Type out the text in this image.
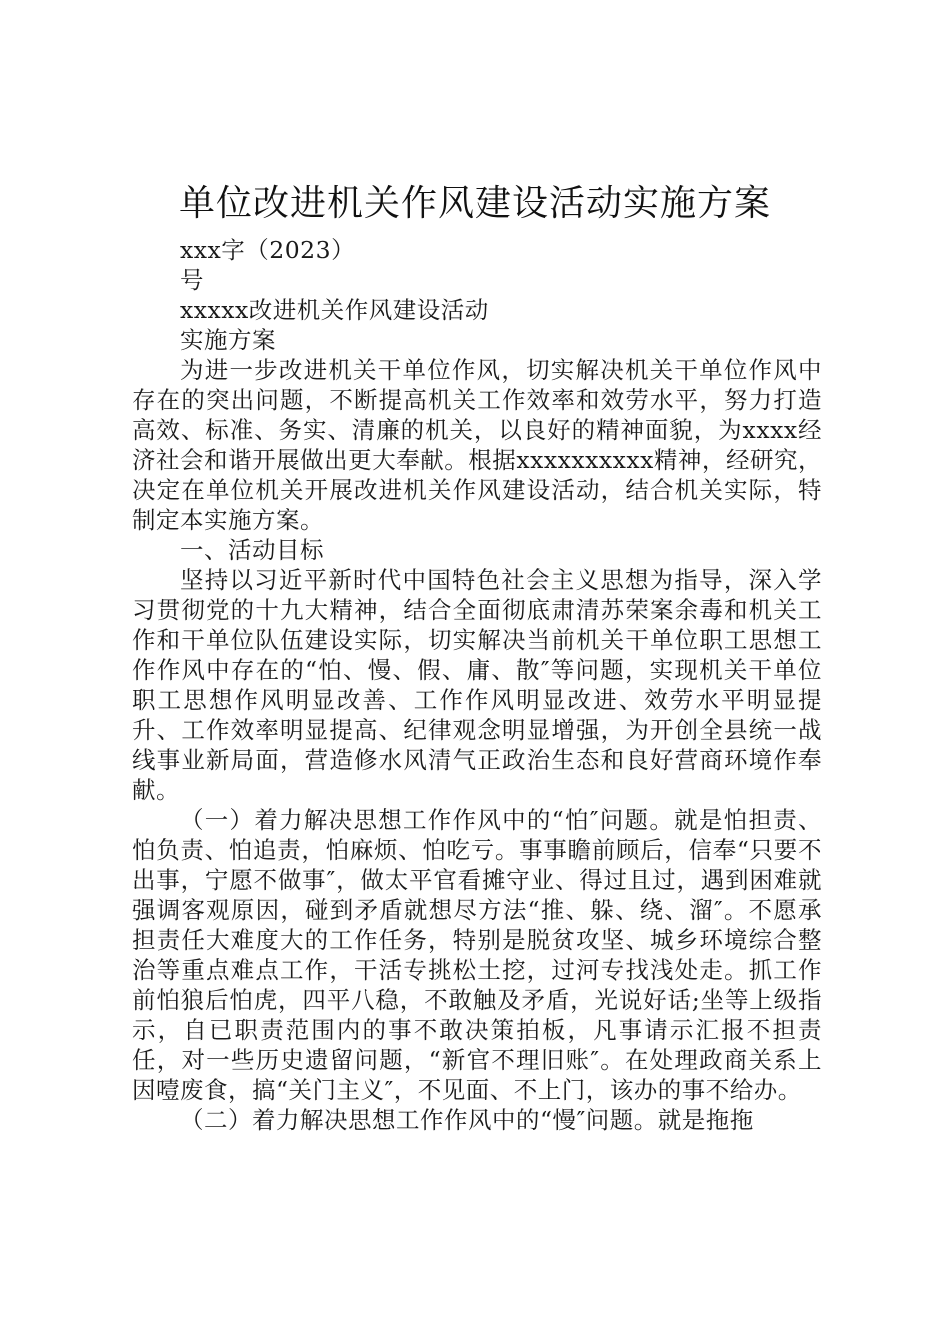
单位改进机关作风建设活动实施方案

xxx字（2023）

号

xxxxx改进机关作风建设活动

实施方案

为进一步改进机关干单位作风，切实解决机关干单位作风中存在的突出问题，不断提高机关工作效率和效劳水平，努力打造高效、标准、务实、清廉的机关，以良好的精神面貌，为xxxx经济社会和谐开展做出更大奉献。根据xxxxxxxxxx精神，经研究，决定在单位机关开展改进机关作风建设活动，结合机关实际，特制定本实施方案。

一、活动目标

坚持以习近平新时代中国特色社会主义思想为指导，深入学习贯彻党的十九大精神，结合全面彻底肃清苏荣案余毒和机关工作和干单位队伍建设实际，切实解决当前机关干单位职工思想工作作风中存在的“怕、慢、假、庸、散″等问题，实现机关干单位职工思想作风明显改善、工作作风明显改进、效劳水平明显提升、工作效率明显提高、纪律观念明显增强，为开创全县统一战线事业新局面，营造修水风清气正政治生态和良好营商环境作奉献。

（一）着力解决思想工作作风中的“怕″问题。就是怕担责、怕负责、怕追责，怕麻烦、怕吃亏。事事瞻前顾后，信奉“只要不出事，宁愿不做事″，做太平官看摊守业、得过且过，遇到困难就强调客观原因，碰到矛盾就想尽方法“推、躲、绕、溜″。不愿承担责任大难度大的工作任务，特别是脱贫攻坚、城乡环境综合整治等重点难点工作，干活专挑松土挖，过河专找浅处走。抓工作前怕狼后怕虎，四平八稳，不敢触及矛盾，光说好话;坐等上级指示，自已职责范围内的事不敢决策拍板，凡事请示汇报不担责任，对一些历史遗留问题，“新官不理旧账″。在处理政商关系上因噎废食，搞“关门主义″，不见面、不上门，该办的事不给办。

（二）着力解决思想工作作风中的“慢″问题。就是拖拖
